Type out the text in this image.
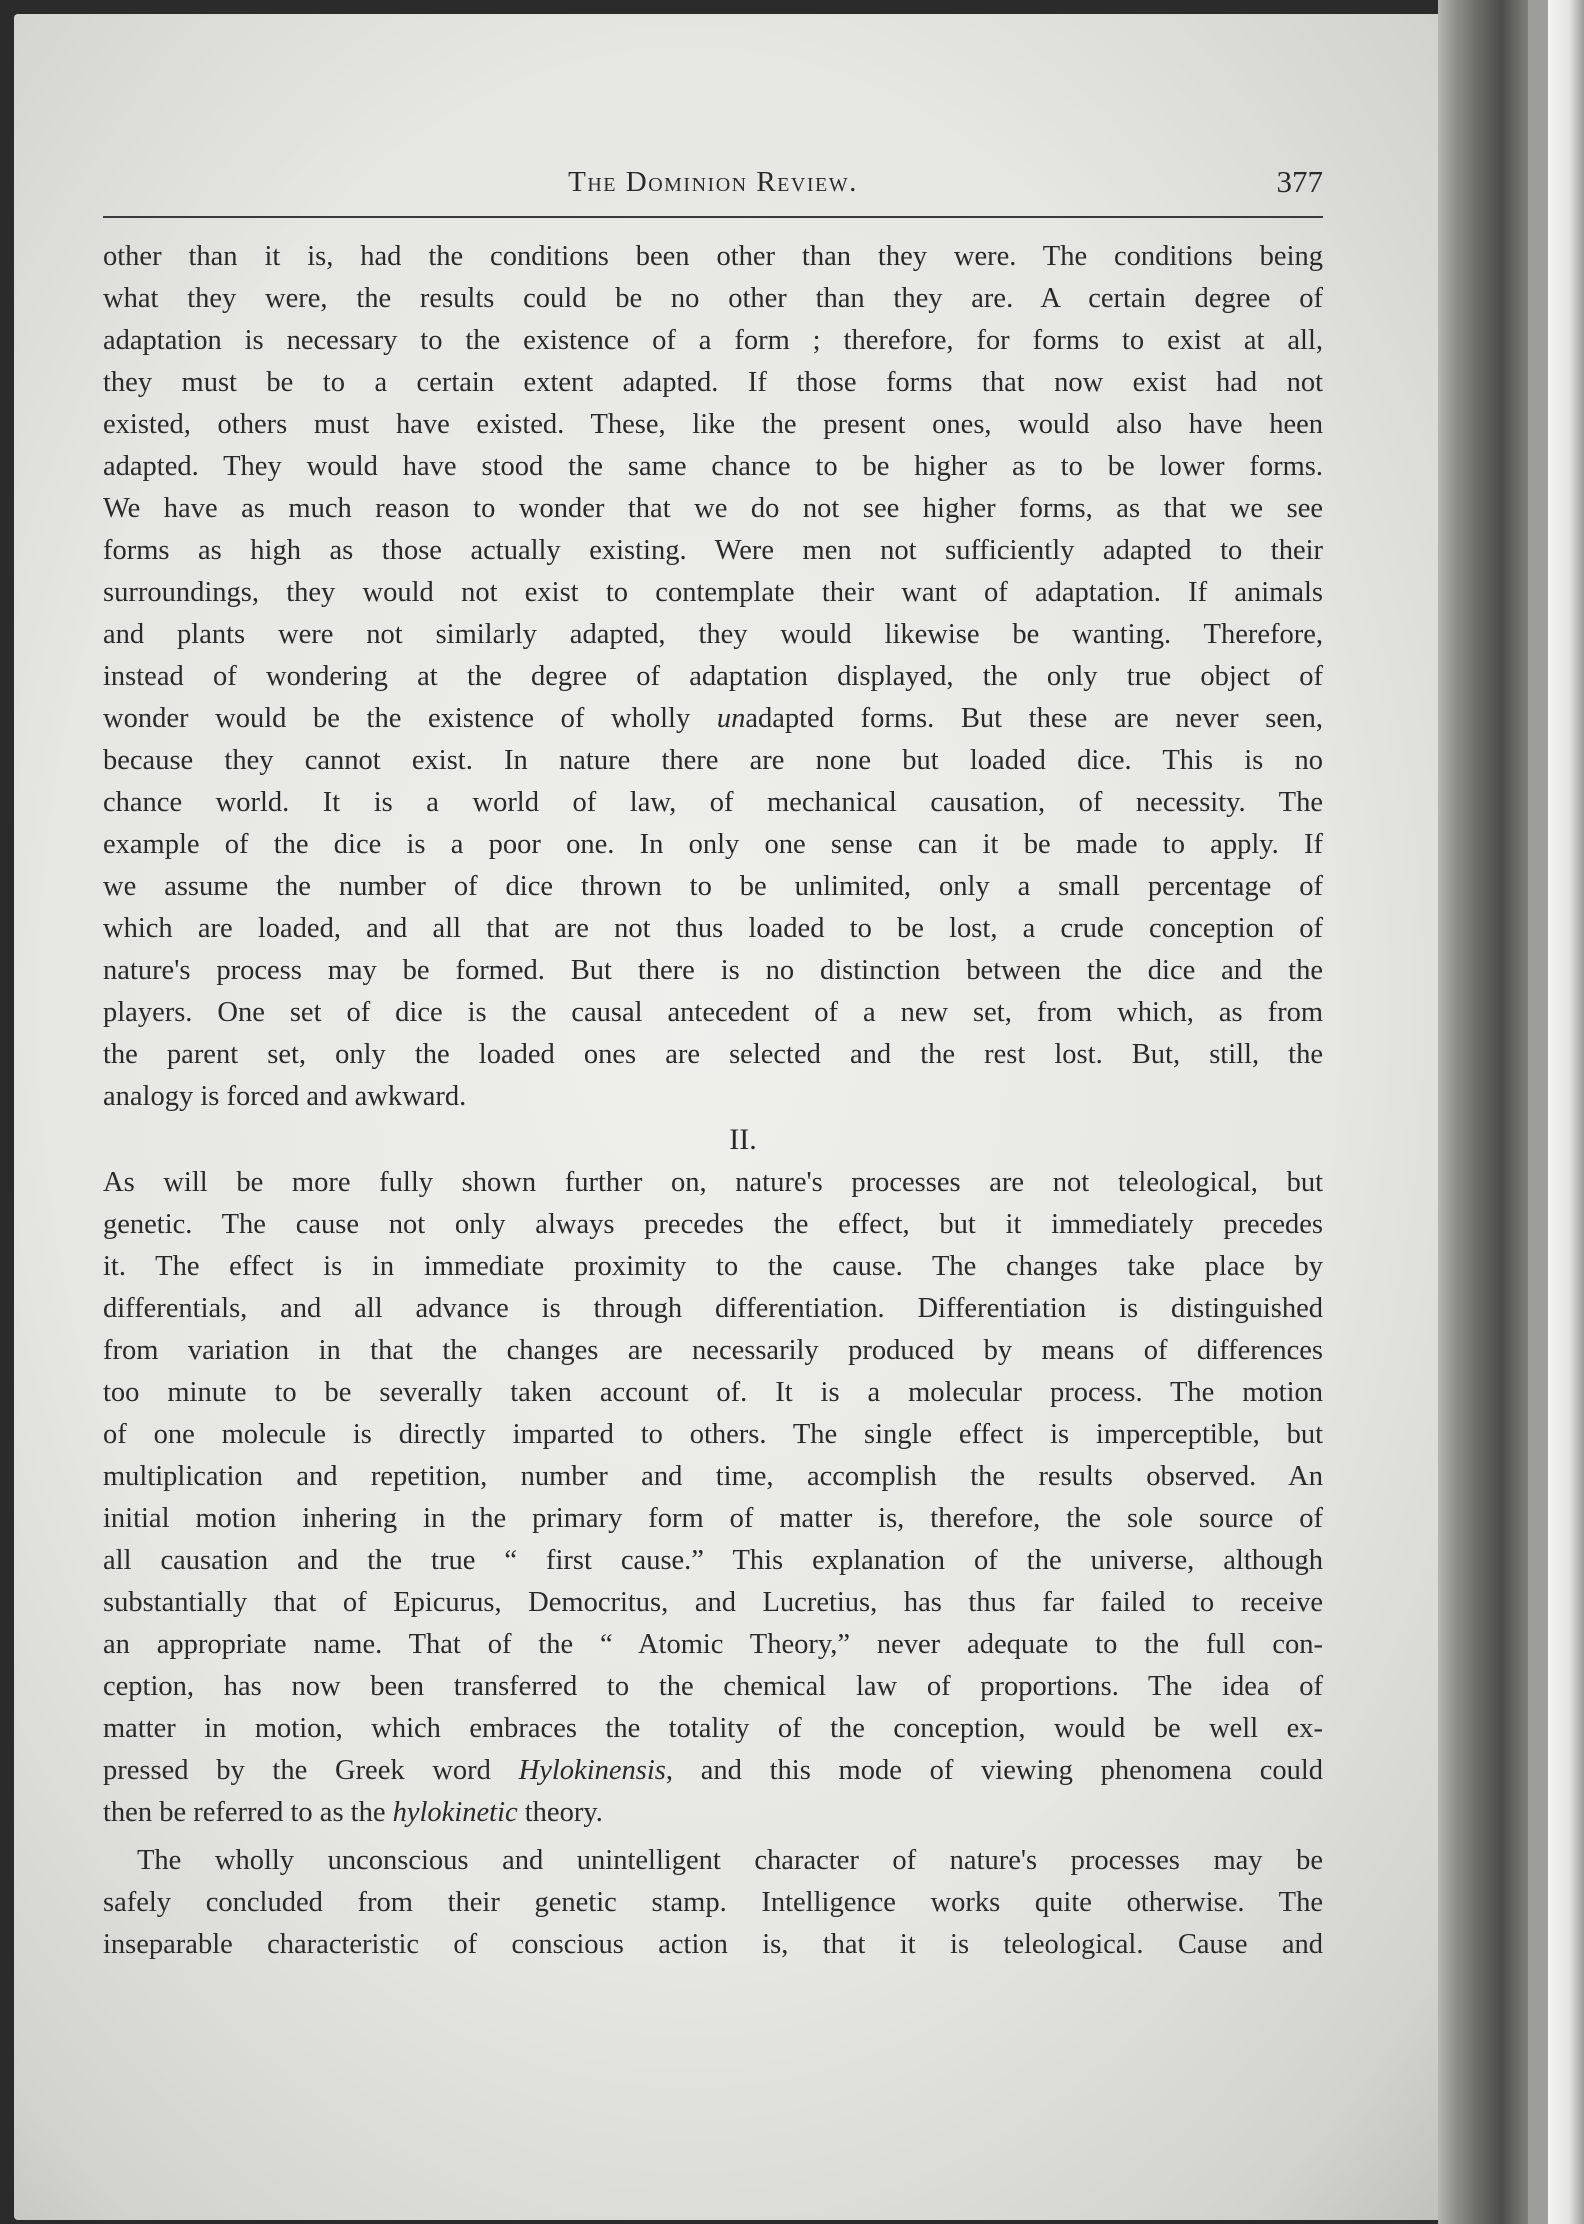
The Dominion Review.	377
other than it is, had the conditions been other than they were. The conditions being
what they were, the results could be no other than they are. A certain degree of
adaptation is necessary to the existence of a form ; therefore, for forms to exist at all,
they must be to a certain extent adapted. If those forms that now exist had not
existed, others must have existed. These, like the present ones, would also have heen
adapted. They would have stood the same chance to be higher as to be lower forms.
We have as much reason to wonder that we do not see higher forms, as that we see
forms as high as those actually existing. Were men not sufficiently adapted to their
surroundings, they would not exist to contemplate their want of adaptation. If animals
and plants were not similarly adapted, they would likewise be wanting. Therefore,
instead of wondering at the degree of adaptation displayed, the only true object of
wonder would be the existence of wholly unadapted forms. But these are never seen,
because they cannot exist. In nature there are none but loaded dice. This is no
chance world. It is a world of law, of mechanical causation, of necessity. The
example of the dice is a poor one. In only one sense can it be made to apply. If
we assume the number of dice thrown to be unlimited, only a small percentage of
which are loaded, and all that are not thus loaded to be lost, a crude conception of
nature's process may be formed. But there is no distinction between the dice and the
players. One set of dice is the causal antecedent of a new set, from which, as from
the parent set, only the loaded ones are selected and the rest lost. But, still, the
analogy is forced and awkward.
II.
As will be more fully shown further on, nature's processes are not teleological, but
genetic. The cause not only always precedes the effect, but it immediately precedes
it. The effect is in immediate proximity to the cause. The changes take place by
differentials, and all advance is through differentiation. Differentiation is distinguished
from variation in that the changes are necessarily produced by means of differences
too minute to be severally taken account of. It is a molecular process. The motion
of one molecule is directly imparted to others. The single effect is imperceptible, but
multiplication and repetition, number and time, accomplish the results observed. An
initial motion inhering in the primary form of matter is, therefore, the sole source of
all causation and the true “ first cause.” This explanation of the universe, although
substantially that of Epicurus, Democritus, and Lucretius, has thus far failed to receive
an appropriate name. That of the “ Atomic Theory,” never adequate to the full con-
ception, has now been transferred to the chemical law of proportions. The idea of
matter in motion, which embraces the totality of the conception, would be well ex-
pressed by the Greek word Hylokinensis, and this mode of viewing phenomena could
then be referred to as the hylokinetic theory.
The wholly unconscious and unintelligent character of nature's processes may be
safely concluded from their genetic stamp. Intelligence works quite otherwise. The
inseparable characteristic of conscious action is, that it is teleological. Cause and
